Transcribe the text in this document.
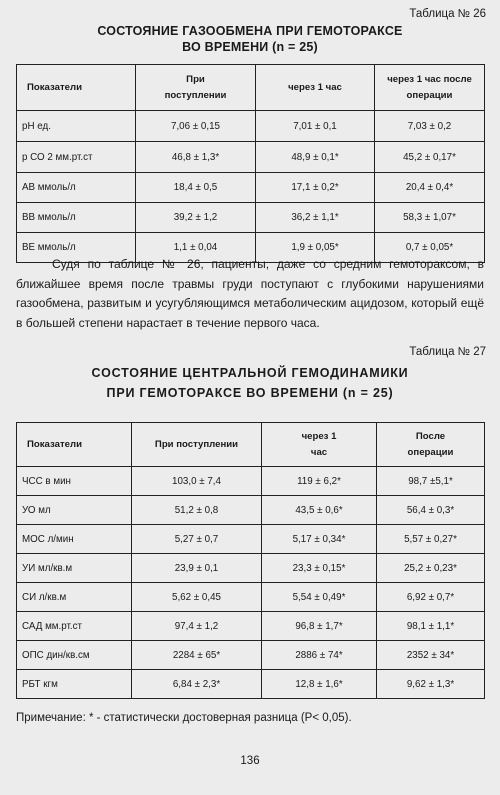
Таблица № 26
СОСТОЯНИЕ ГАЗООБМЕНА ПРИ ГЕМОТОРАКСЕ
ВО ВРЕМЕНИ (n = 25)
Показатели	При поступлении	через 1 час	через 1 час после операции
рН ед.	7,06 ± 0,15	7,01 ± 0,1	7,03 ± 0,2
р СО 2 мм.рт.ст	46,8 ± 1,3*	48,9 ± 0,1*	45,2 ± 0,17*
АВ ммоль/л	18,4 ± 0,5	17,1 ± 0,2*	20,4 ± 0,4*
ВВ ммоль/л	39,2 ± 1,2	36,2 ± 1,1*	58,3 ± 1,07*
ВЕ ммоль/л	1,1 ± 0,04	1,9 ± 0,05*	0,7 ± 0,05*
Судя по таблице № 26, пациенты, даже со средним гемотораксом, в ближайшее время после травмы груди поступают с глубокими нарушениями газообмена, развитым и усугубляющимся метаболическим ацидозом, который ещё в большей степени нарастает в течение первого часа.
Таблица № 27
СОСТОЯНИЕ ЦЕНТРАЛЬНОЙ ГЕМОДИНАМИКИ
ПРИ ГЕМОТОРАКСЕ ВО ВРЕМЕНИ (n = 25)
Показатели	При поступлении	через 1 час	После операции
ЧСС в мин	103,0 ± 7,4	119 ± 6,2*	98,7 ±5,1*
УО мл	51,2 ± 0,8	43,5 ± 0,6*	56,4 ± 0,3*
МОС л/мин	5,27 ± 0,7	5,17 ± 0,34*	5,57 ± 0,27*
УИ мл/кв.м	23,9 ± 0,1	23,3 ± 0,15*	25,2 ± 0,23*
СИ л/кв.м	5,62 ± 0,45	5,54 ± 0,49*	6,92 ± 0,7*
САД мм.рт.ст	97,4 ± 1,2	96,8 ± 1,7*	98,1 ± 1,1*
ОПС дин/кв.см	2284 ± 65*	2886 ± 74*	2352 ± 34*
РБТ кгм	6,84 ± 2,3*	12,8 ± 1,6*	9,62 ± 1,3*
Примечание: * - статистически достоверная разница (Р< 0,05).
136
